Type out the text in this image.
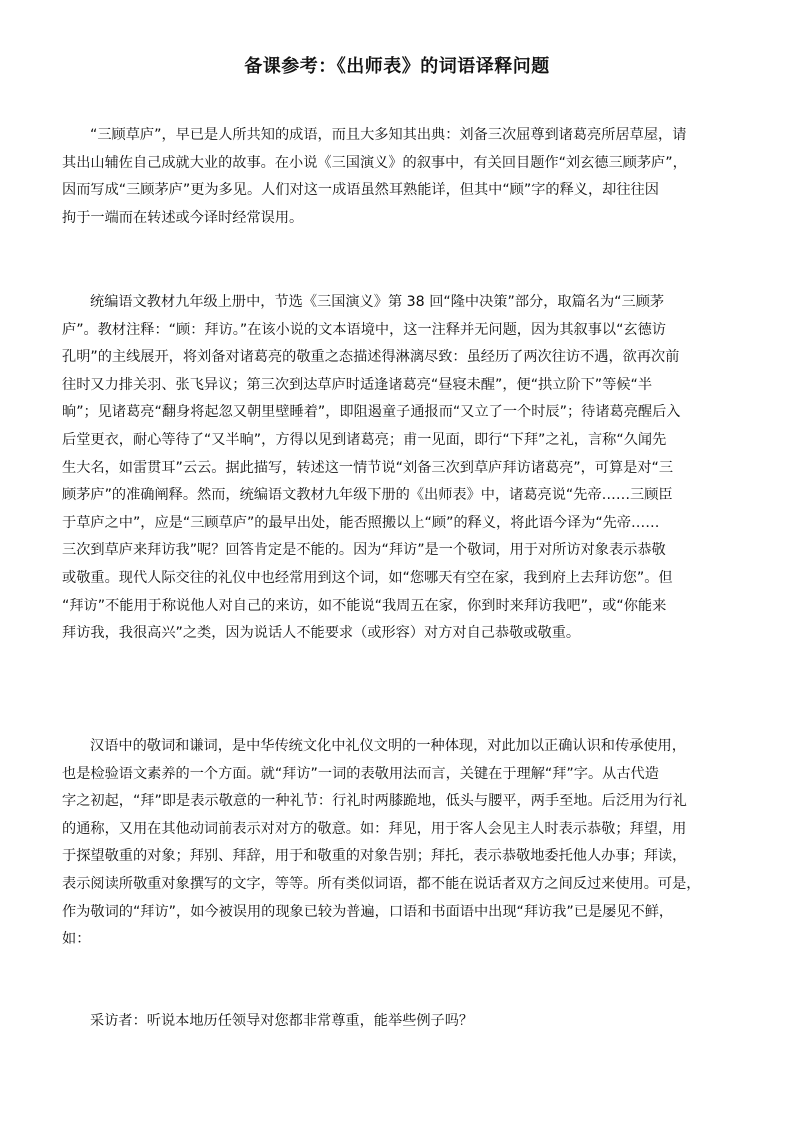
备课参考：《出师表》的词语译释问题

“三顾草庐”，早已是人所共知的成语，而且大多知其出典：刘备三次屈尊到诸葛亮所居草屋，请
其出山辅佐自己成就大业的故事。在小说《三国演义》的叙事中，有关回目题作“刘玄德三顾茅庐”，
因而写成“三顾茅庐”更为多见。人们对这一成语虽然耳熟能详，但其中“顾”字的释义，却往往因
拘于一端而在转述或今译时经常误用。

统编语文教材九年级上册中，节选《三国演义》第 38 回“隆中决策”部分，取篇名为“三顾茅
庐”。教材注释：“顾：拜访。”在该小说的文本语境中，这一注释并无问题，因为其叙事以“玄德访
孔明”的主线展开，将刘备对诸葛亮的敬重之态描述得淋漓尽致：虽经历了两次往访不遇，欲再次前
往时又力排关羽、张飞异议；第三次到达草庐时适逢诸葛亮“昼寝未醒”，便“拱立阶下”等候“半
晌”；见诸葛亮“翻身将起忽又朝里壁睡着”，即阻遏童子通报而“又立了一个时辰”；待诸葛亮醒后入
后堂更衣，耐心等待了“又半晌”，方得以见到诸葛亮；甫一见面，即行“下拜”之礼，言称“久闻先
生大名，如雷贯耳”云云。据此描写，转述这一情节说“刘备三次到草庐拜访诸葛亮”，可算是对“三
顾茅庐”的准确阐释。然而，统编语文教材九年级下册的《出师表》中，诸葛亮说“先帝……三顾臣
于草庐之中”，应是“三顾草庐”的最早出处，能否照搬以上“顾”的释义，将此语今译为“先帝……
三次到草庐来拜访我”呢？回答肯定是不能的。因为“拜访”是一个敬词，用于对所访对象表示恭敬
或敬重。现代人际交往的礼仪中也经常用到这个词，如“您哪天有空在家，我到府上去拜访您”。但
“拜访”不能用于称说他人对自己的来访，如不能说“我周五在家，你到时来拜访我吧”，或“你能来
拜访我，我很高兴”之类，因为说话人不能要求（或形容）对方对自己恭敬或敬重。

汉语中的敬词和谦词，是中华传统文化中礼仪文明的一种体现，对此加以正确认识和传承使用，
也是检验语文素养的一个方面。就“拜访”一词的表敬用法而言，关键在于理解“拜”字。从古代造
字之初起，“拜”即是表示敬意的一种礼节：行礼时两膝跪地，低头与腰平，两手至地。后泛用为行礼
的通称，又用在其他动词前表示对对方的敬意。如：拜见，用于客人会见主人时表示恭敬；拜望，用
于探望敬重的对象；拜别、拜辞，用于和敬重的对象告别；拜托，表示恭敬地委托他人办事；拜读，
表示阅读所敬重对象撰写的文字，等等。所有类似词语，都不能在说话者双方之间反过来使用。可是，
作为敬词的“拜访”，如今被误用的现象已较为普遍，口语和书面语中出现“拜访我”已是屡见不鲜，
如：

采访者：听说本地历任领导对您都非常尊重，能举些例子吗？
